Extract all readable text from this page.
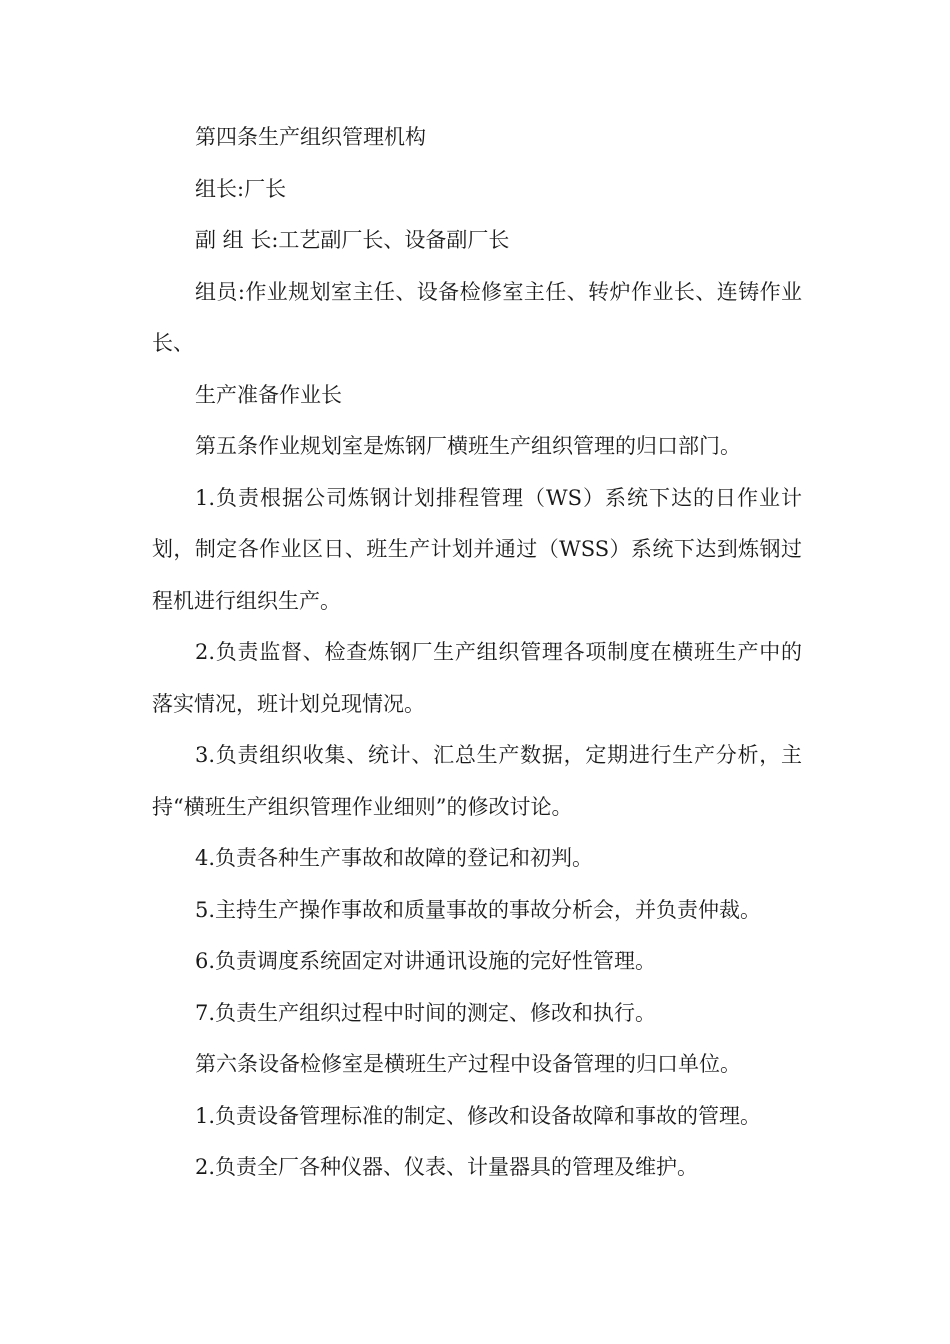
第四条生产组织管理机构

组长:厂长

副 组 长:工艺副厂长、设备副厂长

组员:作业规划室主任、设备检修室主任、转炉作业长、连铸作业长、

生产准备作业长

第五条作业规划室是炼钢厂横班生产组织管理的归口部门。

1.负责根据公司炼钢计划排程管理（WS）系统下达的日作业计划，制定各作业区日、班生产计划并通过（WSS）系统下达到炼钢过程机进行组织生产。

2.负责监督、检查炼钢厂生产组织管理各项制度在横班生产中的落实情况，班计划兑现情况。

3.负责组织收集、统计、汇总生产数据，定期进行生产分析，主持“横班生产组织管理作业细则”的修改讨论。

4.负责各种生产事故和故障的登记和初判。

5.主持生产操作事故和质量事故的事故分析会，并负责仲裁。

6.负责调度系统固定对讲通讯设施的完好性管理。

7.负责生产组织过程中时间的测定、修改和执行。

第六条设备检修室是横班生产过程中设备管理的归口单位。

1.负责设备管理标准的制定、修改和设备故障和事故的管理。

2.负责全厂各种仪器、仪表、计量器具的管理及维护。
